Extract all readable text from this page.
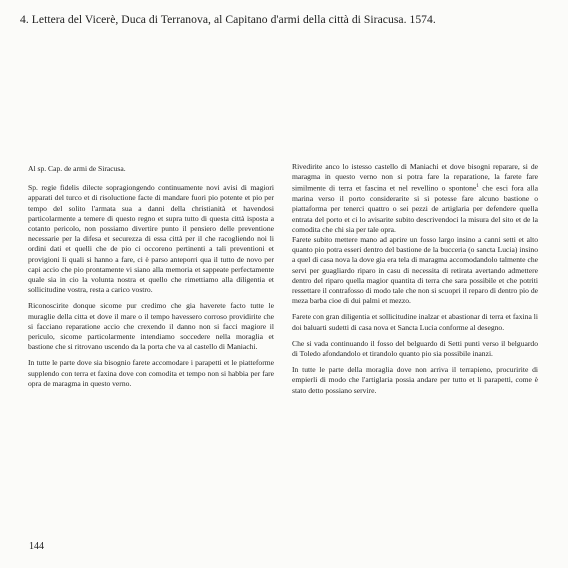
4. Lettera del Vicerè, Duca di Terranova, al Capitano d'armi della città di Siracusa. 1574.

Al sp. Cap. de armi de Siracusa.

Sp. regie fidelis dilecte sopragiongendo continuamente novi avisi di magiori apparati del turco et di risoluctione facte di mandare fuori pio potente et pio per tempo del solito l'armata sua a danni della christianità et havendosi particolarmente a temere di questo regno et supra tutto di questa città isposta a cotanto pericolo, non possiamo divertire punto il pensiero delle preventione necessarie per la difesa et securezza di essa città per il che racogliendo noi li ordini dati et quelli che de pio ci occoreno pertinenti a tali preventioni et provigioni li quali si hanno a fare, ci è parso anteporri qua il tutto de novo per capi accio che pio prontamente vi siano alla memoria et sappeate perfectamente quale sia in cio la volunta nostra et quello che rimettiamo alla diligentia et sollicitudine vostra, resta a carico vostro.

Riconoscirite donque sicome pur credimo che gia haverete facto tutte le muraglie della citta et dove il mare o il tempo havessero corroso providirite che si facciano reparatione accio che crexendo il danno non si facci magiore il periculo, sicome particolarmente intendiamo soccedere nella moraglia et bastione che si ritrovano uscendo da la porta che va al castello di Maniachi.

In tutte le parte dove sia bisognio farete accomodare i parapetti et le piatteforme supplendo con terra et faxina dove con comodita et tempo non si habbia per fare opra de maragma in questo verno.

Rivedirite anco lo istesso castello di Maniachi et dove bisogni reparare, si de maragma in questo verno non si potra fare la reparatione, la farete fare similmente di terra et fascina et nel revellino o spontone$^1$ che esci fora alla marina verso il porto considerarite si si potesse fare alcuno bastione o piattaforma per tenerci quattro o sei pezzi de artiglaria per defendere quella entrata del porto et ci lo avisarite subito descrivendoci la misura del sito et de la comodita che chi sia per tale opra.

Farete subito mettere mano ad aprire un fosso largo insino a canni setti et alto quanto pio potra esseri dentro del bastione de la bucceria (o sancta Lucia) insino a quel di casa nova la dove gia era tela di maragma accomodandolo talmente che servi per guagliardo riparo in casu di necessita di retirata avertando admettere dentro del riparo quella magior quantita di terra che sara possibile et che potriti ressettare il contrafosso di modo tale che non si scuopri il reparo di dentro pio de meza barba cioe di dui palmi et mezzo.

Farete con gran diligentia et sollicitudine inalzar et abastionar di terra et faxina li doi baluarti sudetti di casa nova et Sancta Lucia conforme al desegno.

Che si vada continuando il fosso del belguardo di Setti punti verso il belguardo di Toledo afondandolo et tirandolo quanto pio sia possibile inanzi.

In tutte le parte della moraglia dove non arriva il terrapieno, procuririte di empierli di modo che l'artiglaria possia andare per tutto et li parapetti, come è stato detto possiano servire.

144
